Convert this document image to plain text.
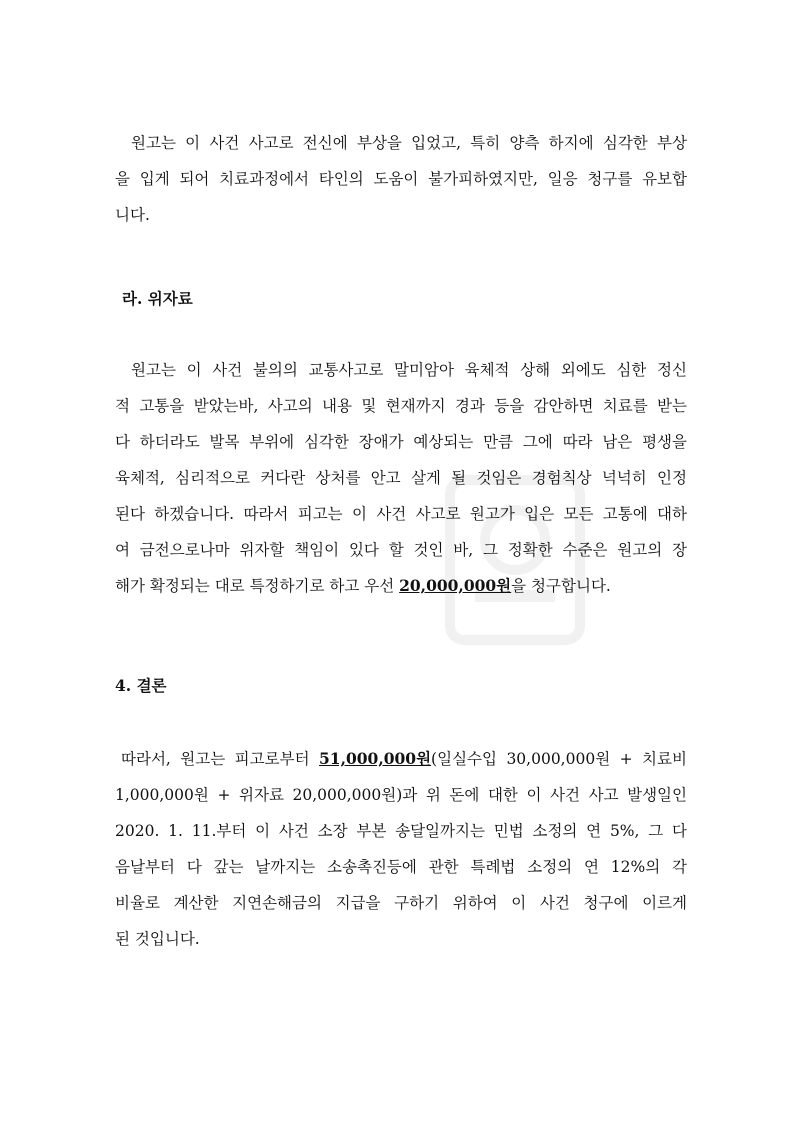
원고는 이 사건 사고로 전신에 부상을 입었고, 특히 양측 하지에 심각한 부상
을 입게 되어 치료과정에서 타인의 도움이 불가피하였지만, 일응 청구를 유보합
니다.

라. 위자료

원고는 이 사건 불의의 교통사고로 말미암아 육체적 상해 외에도 심한 정신
적 고통을 받았는바, 사고의 내용 및 현재까지 경과 등을 감안하면 치료를 받는
다 하더라도 발목 부위에 심각한 장애가 예상되는 만큼 그에 따라 남은 평생을
육체적, 심리적으로 커다란 상처를 안고 살게 될 것임은 경험칙상 넉넉히 인정
된다 하겠습니다. 따라서 피고는 이 사건 사고로 원고가 입은 모든 고통에 대하
여 금전으로나마 위자할 책임이 있다 할 것인 바, 그 정확한 수준은 원고의 장
해가 확정되는 대로 특정하기로 하고 우선 20,000,000원을 청구합니다.

4. 결론

따라서, 원고는 피고로부터 51,000,000원(일실수입 30,000,000원 + 치료비
1,000,000원 + 위자료 20,000,000원)과 위 돈에 대한 이 사건 사고 발생일인
2020. 1. 11.부터 이 사건 소장 부본 송달일까지는 민법 소정의 연 5%, 그 다
음날부터 다 갚는 날까지는 소송촉진등에 관한 특례법 소정의 연 12%의 각
비율로 계산한 지연손해금의 지급을 구하기 위하여 이 사건 청구에 이르게
된 것입니다.
